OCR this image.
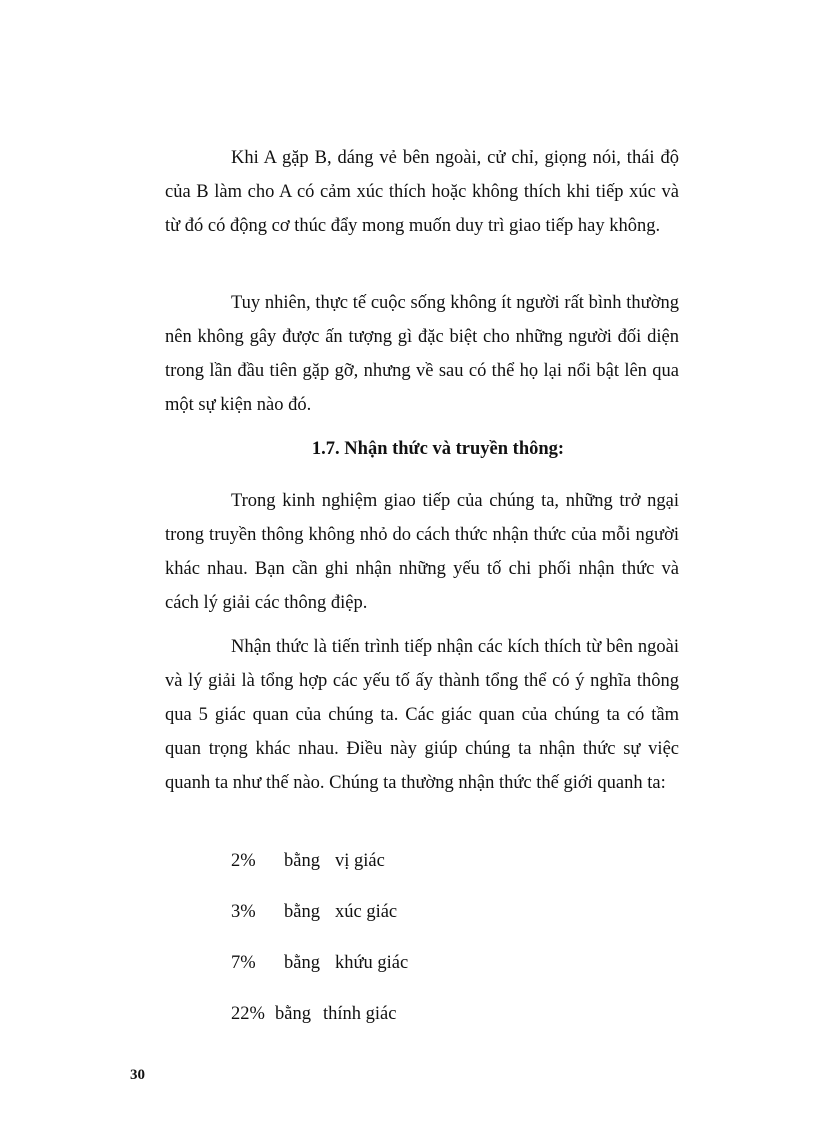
Khi A gặp B, dáng vẻ bên ngoài, cử chỉ, giọng nói, thái độ của B làm cho A có cảm xúc thích hoặc không thích khi tiếp xúc và từ đó có động cơ thúc đẩy mong muốn duy trì giao tiếp hay không.

Tuy nhiên, thực tế cuộc sống không ít người rất bình thường nên không gây được ấn tượng gì đặc biệt cho những người đối diện trong lần đầu tiên gặp gỡ, nhưng về sau có thể họ lại nổi bật lên qua một sự kiện nào đó.

1.7. Nhận thức và truyền thông:

Trong kinh nghiệm giao tiếp của chúng ta, những trở ngại trong truyền thông không nhỏ do cách thức nhận thức của mỗi người khác nhau. Bạn cần ghi nhận những yếu tố chi phối nhận thức và cách lý giải các thông điệp.

Nhận thức là tiến trình tiếp nhận các kích thích từ bên ngoài và lý giải là tổng hợp các yếu tố ấy thành tổng thể có ý nghĩa thông qua 5 giác quan của chúng ta. Các giác quan của chúng ta có tầm quan trọng khác nhau. Điều này giúp chúng ta nhận thức sự việc quanh ta như thế nào. Chúng ta thường nhận thức thế giới quanh ta:

2% bằng vị giác
3% bằng xúc giác
7% bằng khứu giác
22% bằng thính giác
30
